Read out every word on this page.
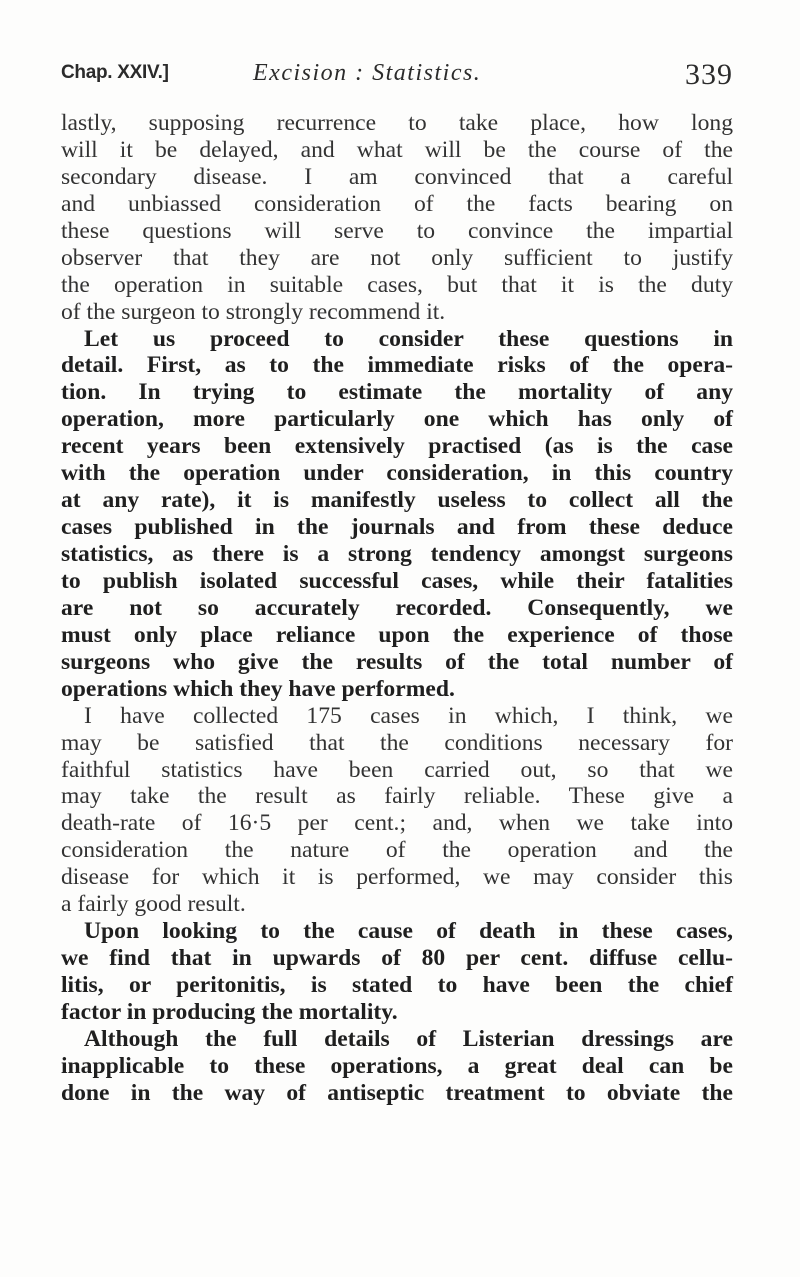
Chap. XXIV.]	Excision : Statistics.	339
lastly, supposing recurrence to take place, how long
will it be delayed, and what will be the course of the
secondary disease. I am convinced that a careful
and unbiassed consideration of the facts bearing on
these questions will serve to convince the impartial
observer that they are not only sufficient to justify
the operation in suitable cases, but that it is the duty
of the surgeon to strongly recommend it.
Let us proceed to consider these questions in
detail. First, as to the immediate risks of the opera-
tion. In trying to estimate the mortality of any
operation, more particularly one which has only of
recent years been extensively practised (as is the case
with the operation under consideration, in this country
at any rate), it is manifestly useless to collect all the
cases published in the journals and from these deduce
statistics, as there is a strong tendency amongst surgeons
to publish isolated successful cases, while their fatalities
are not so accurately recorded. Consequently, we
must only place reliance upon the experience of those
surgeons who give the results of the total number of
operations which they have performed.
I have collected 175 cases in which, I think, we
may be satisfied that the conditions necessary for
faithful statistics have been carried out, so that we
may take the result as fairly reliable. These give a
death-rate of 16·5 per cent.; and, when we take into
consideration the nature of the operation and the
disease for which it is performed, we may consider this
a fairly good result.
Upon looking to the cause of death in these cases,
we find that in upwards of 80 per cent. diffuse cellu-
litis, or peritonitis, is stated to have been the chief
factor in producing the mortality.
Although the full details of Listerian dressings are
inapplicable to these operations, a great deal can be
done in the way of antiseptic treatment to obviate the
